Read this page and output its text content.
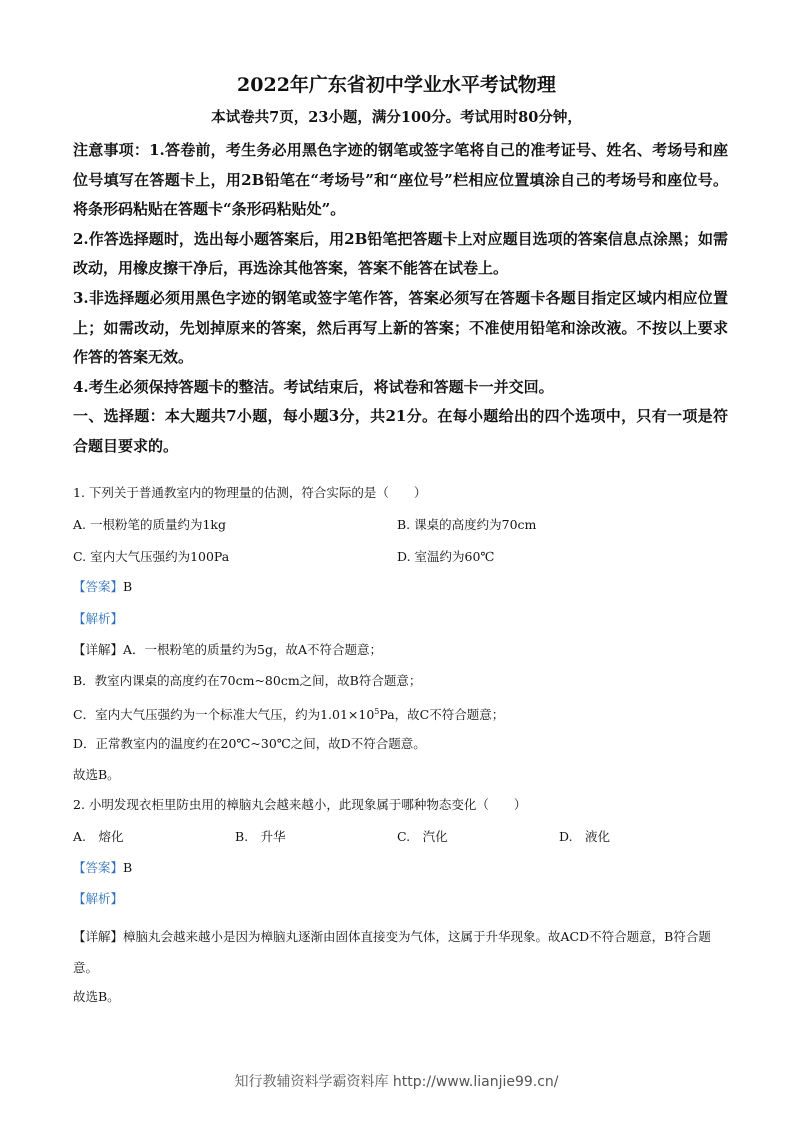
2022年广东省初中学业水平考试物理
本试卷共7页，23小题，满分100分。考试用时80分钟，

注意事项：1.答卷前，考生务必用黑色字迹的钢笔或签字笔将自己的准考证号、姓名、考场号和座位号填写在答题卡上，用2B铅笔在“考场号”和“座位号”栏相应位置填涂自己的考场号和座位号。将条形码粘贴在答题卡“条形码粘贴处”。

2.作答选择题时，选出每小题答案后，用2B铅笔把答题卡上对应题目选项的答案信息点涂黑；如需改动，用橡皮擦干净后，再选涂其他答案，答案不能答在试卷上。

3.非选择题必须用黑色字迹的钢笔或签字笔作答，答案必须写在答题卡各题目指定区域内相应位置上；如需改动，先划掉原来的答案，然后再写上新的答案；不准使用铅笔和涂改液。不按以上要求作答的答案无效。

4.考生必须保持答题卡的整洁。考试结束后，将试卷和答题卡一并交回。

一、选择题：本大题共7小题，每小题3分，共21分。在每小题给出的四个选项中，只有一项是符合题目要求的。

1. 下列关于普通教室内的物理量的估测，符合实际的是（　　）

A. 一根粉笔的质量约为1kg	B. 课桌的高度约为70cm
C. 室内大气压强约为100Pa	D. 室温约为60℃

【答案】B

【解析】

【详解】A．一根粉笔的质量约为5g，故A不符合题意；

B．教室内课桌的高度约在70cm~80cm之间，故B符合题意；

C．室内大气压强约为一个标准大气压，约为$1.01\times 10^5Pa$，故C不符合题意；

D．正常教室内的温度约在20℃~30℃之间，故D不符合题意。

故选B。

2. 小明发现衣柜里防虫用的樟脑丸会越来越小，此现象属于哪种物态变化（　　）

A.　熔化	B.　升华	C.　汽化	D.　液化

【答案】B

【解析】

【详解】樟脑丸会越来越小是因为樟脑丸逐渐由固体直接变为气体，这属于升华现象。故ACD不符合题意，B符合题意。

故选B。

知行教辅资料学霸资料库 http://www.lianjie99.cn/
